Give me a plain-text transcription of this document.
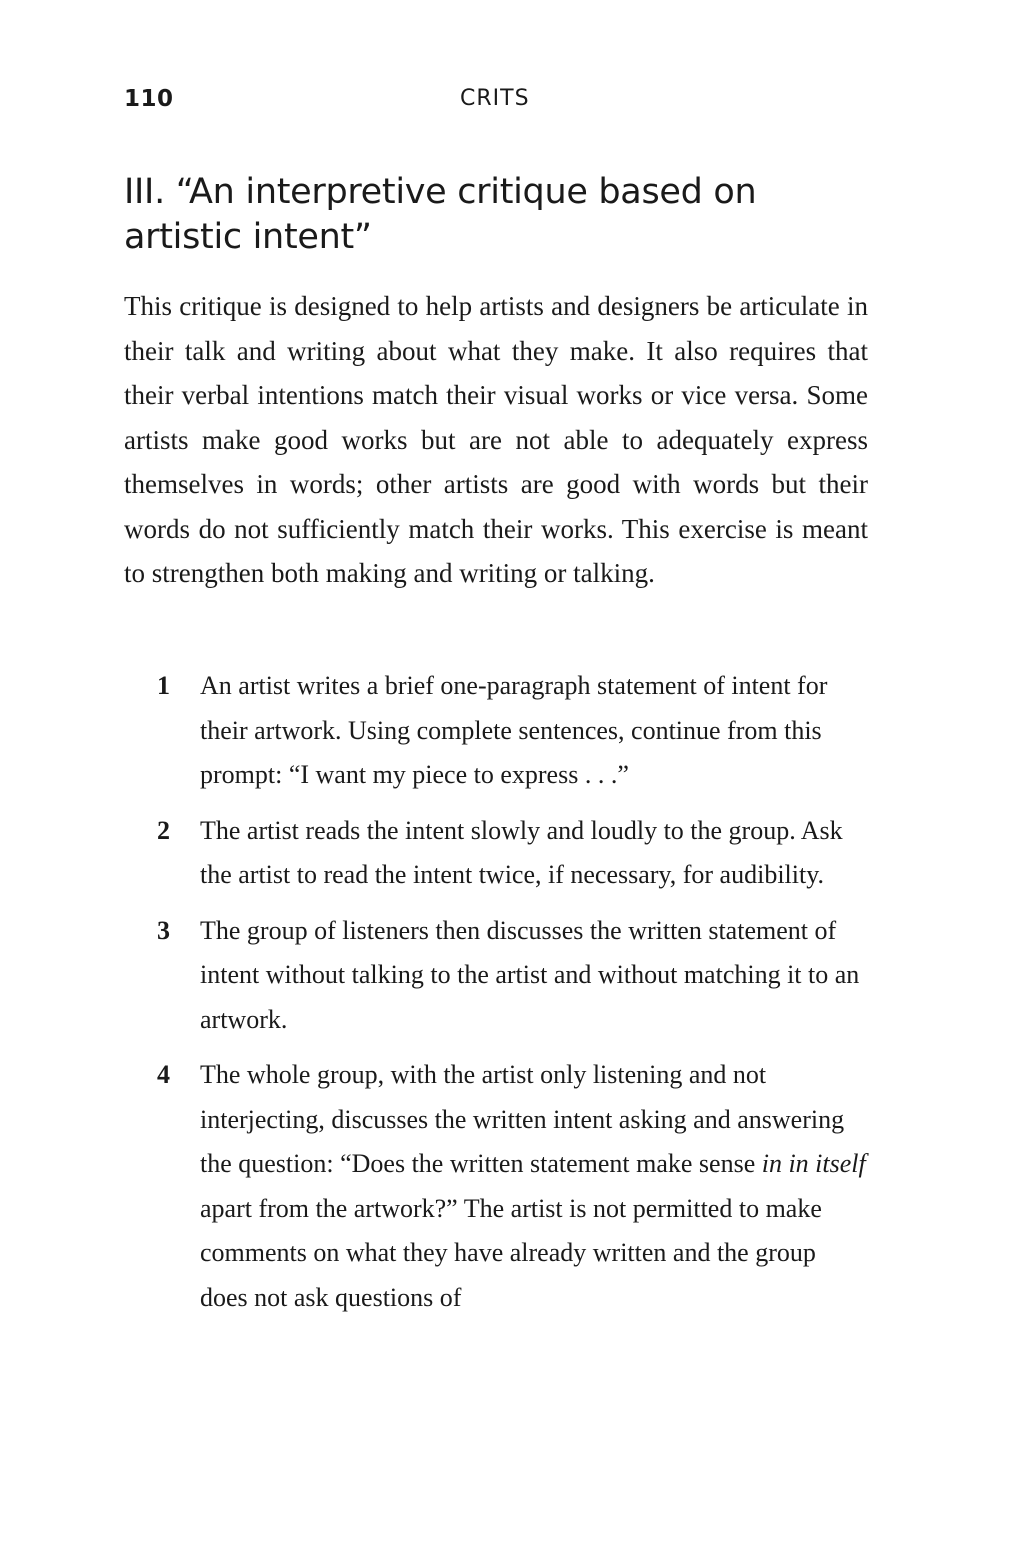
110	CRITS
III. “An interpretive critique based on artistic intent”

This critique is designed to help artists and designers be articulate in their talk and writing about what they make. It also requires that their verbal intentions match their visual works or vice versa. Some artists make good works but are not able to adequately express themselves in words; other artists are good with words but their words do not sufficiently match their works. This exercise is meant to strengthen both making and writing or talking.

1	An artist writes a brief one-paragraph statement of intent for their artwork. Using complete sentences, continue from this prompt: “I want my piece to express . . .”
2	The artist reads the intent slowly and loudly to the group. Ask the artist to read the intent twice, if necessary, for audibility.
3	The group of listeners then discusses the written statement of intent without talking to the artist and without matching it to an artwork.
4	The whole group, with the artist only listening and not interjecting, discusses the written intent asking and answering the question: “Does the written statement make sense in in itself apart from the artwork?” The artist is not permitted to make comments on what they have already written and the group does not ask questions of
